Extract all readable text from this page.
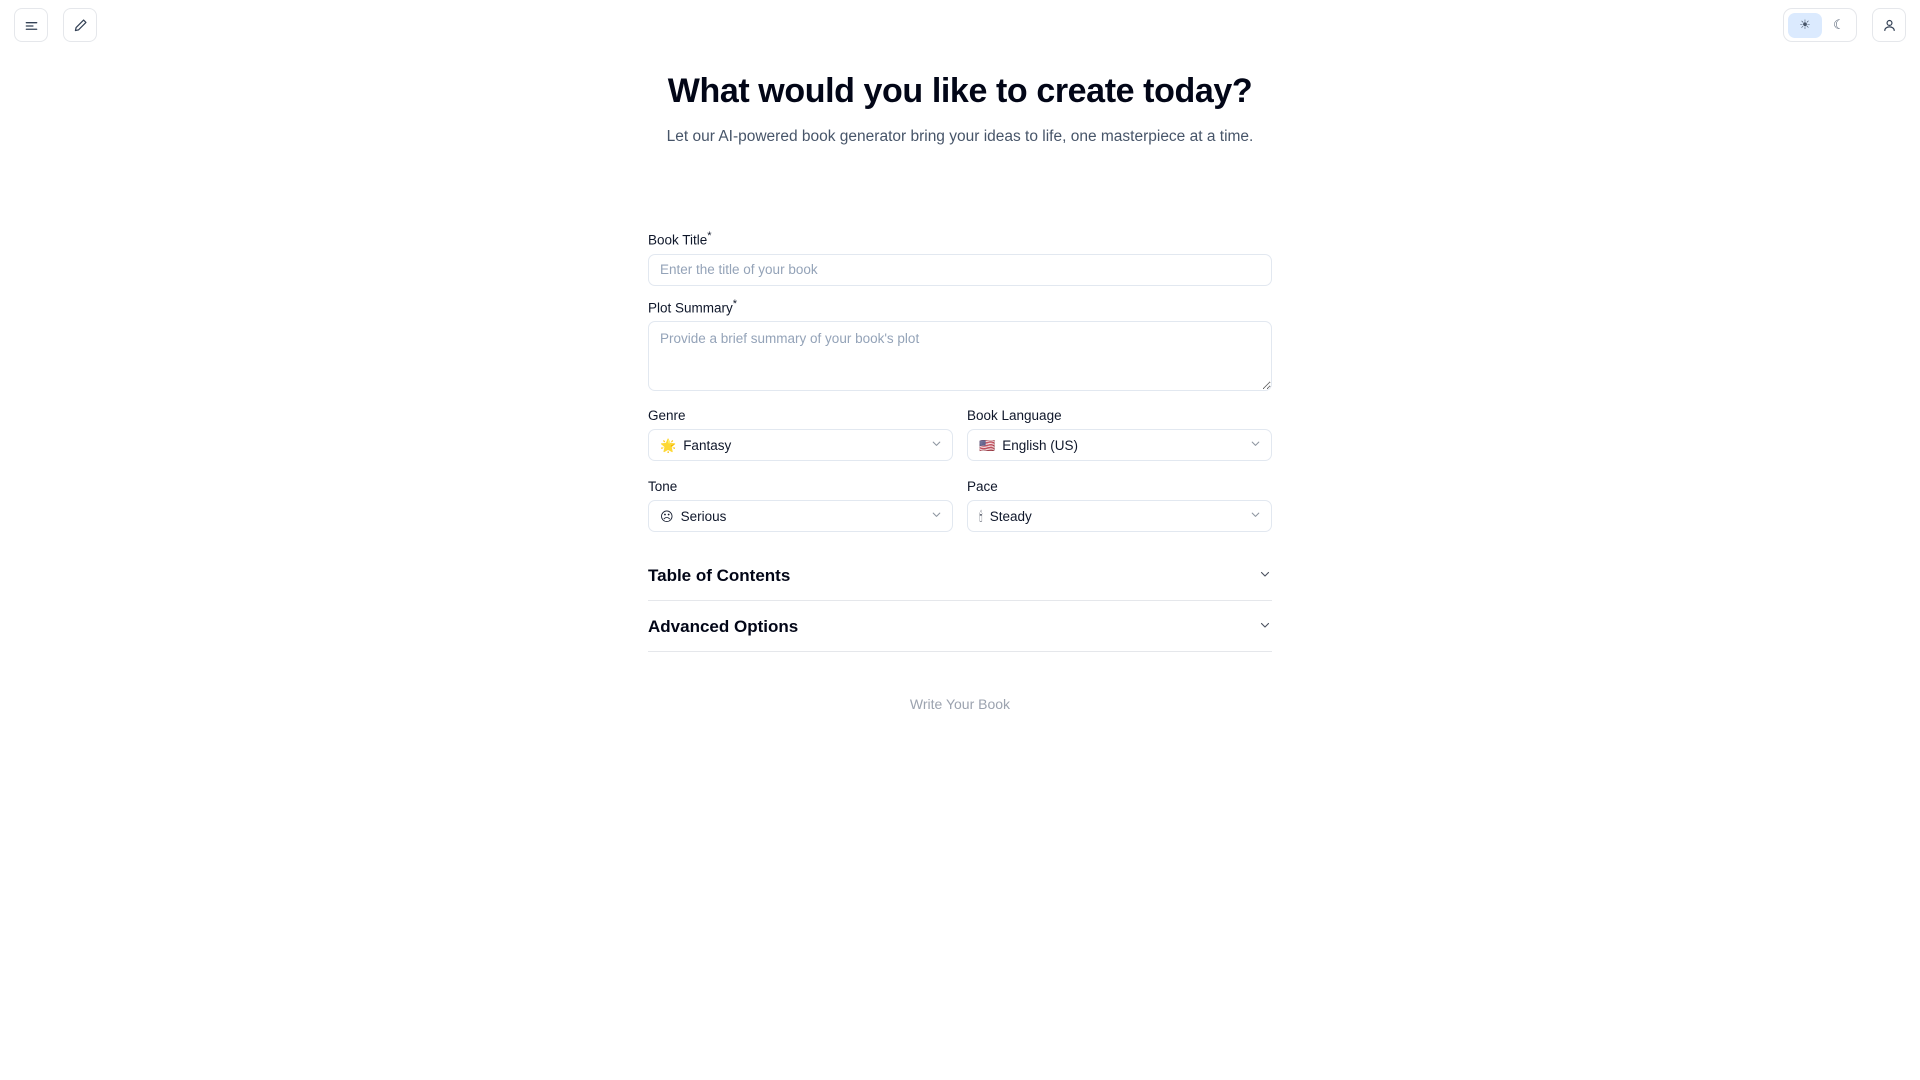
☀	☾
What would you like to create today?

Let our AI-powered book generator bring your ideas to life, one masterpiece at a time.

Book Title*
Enter the title of your book
Plot Summary*
Provide a brief summary of your book's plot
Genre
🌟 Fantasy
Book Language
🇺🇸 English (US)
Tone
☹ Serious
Pace
🕯 Steady
Table of Contents
Advanced Options
Write Your Book
